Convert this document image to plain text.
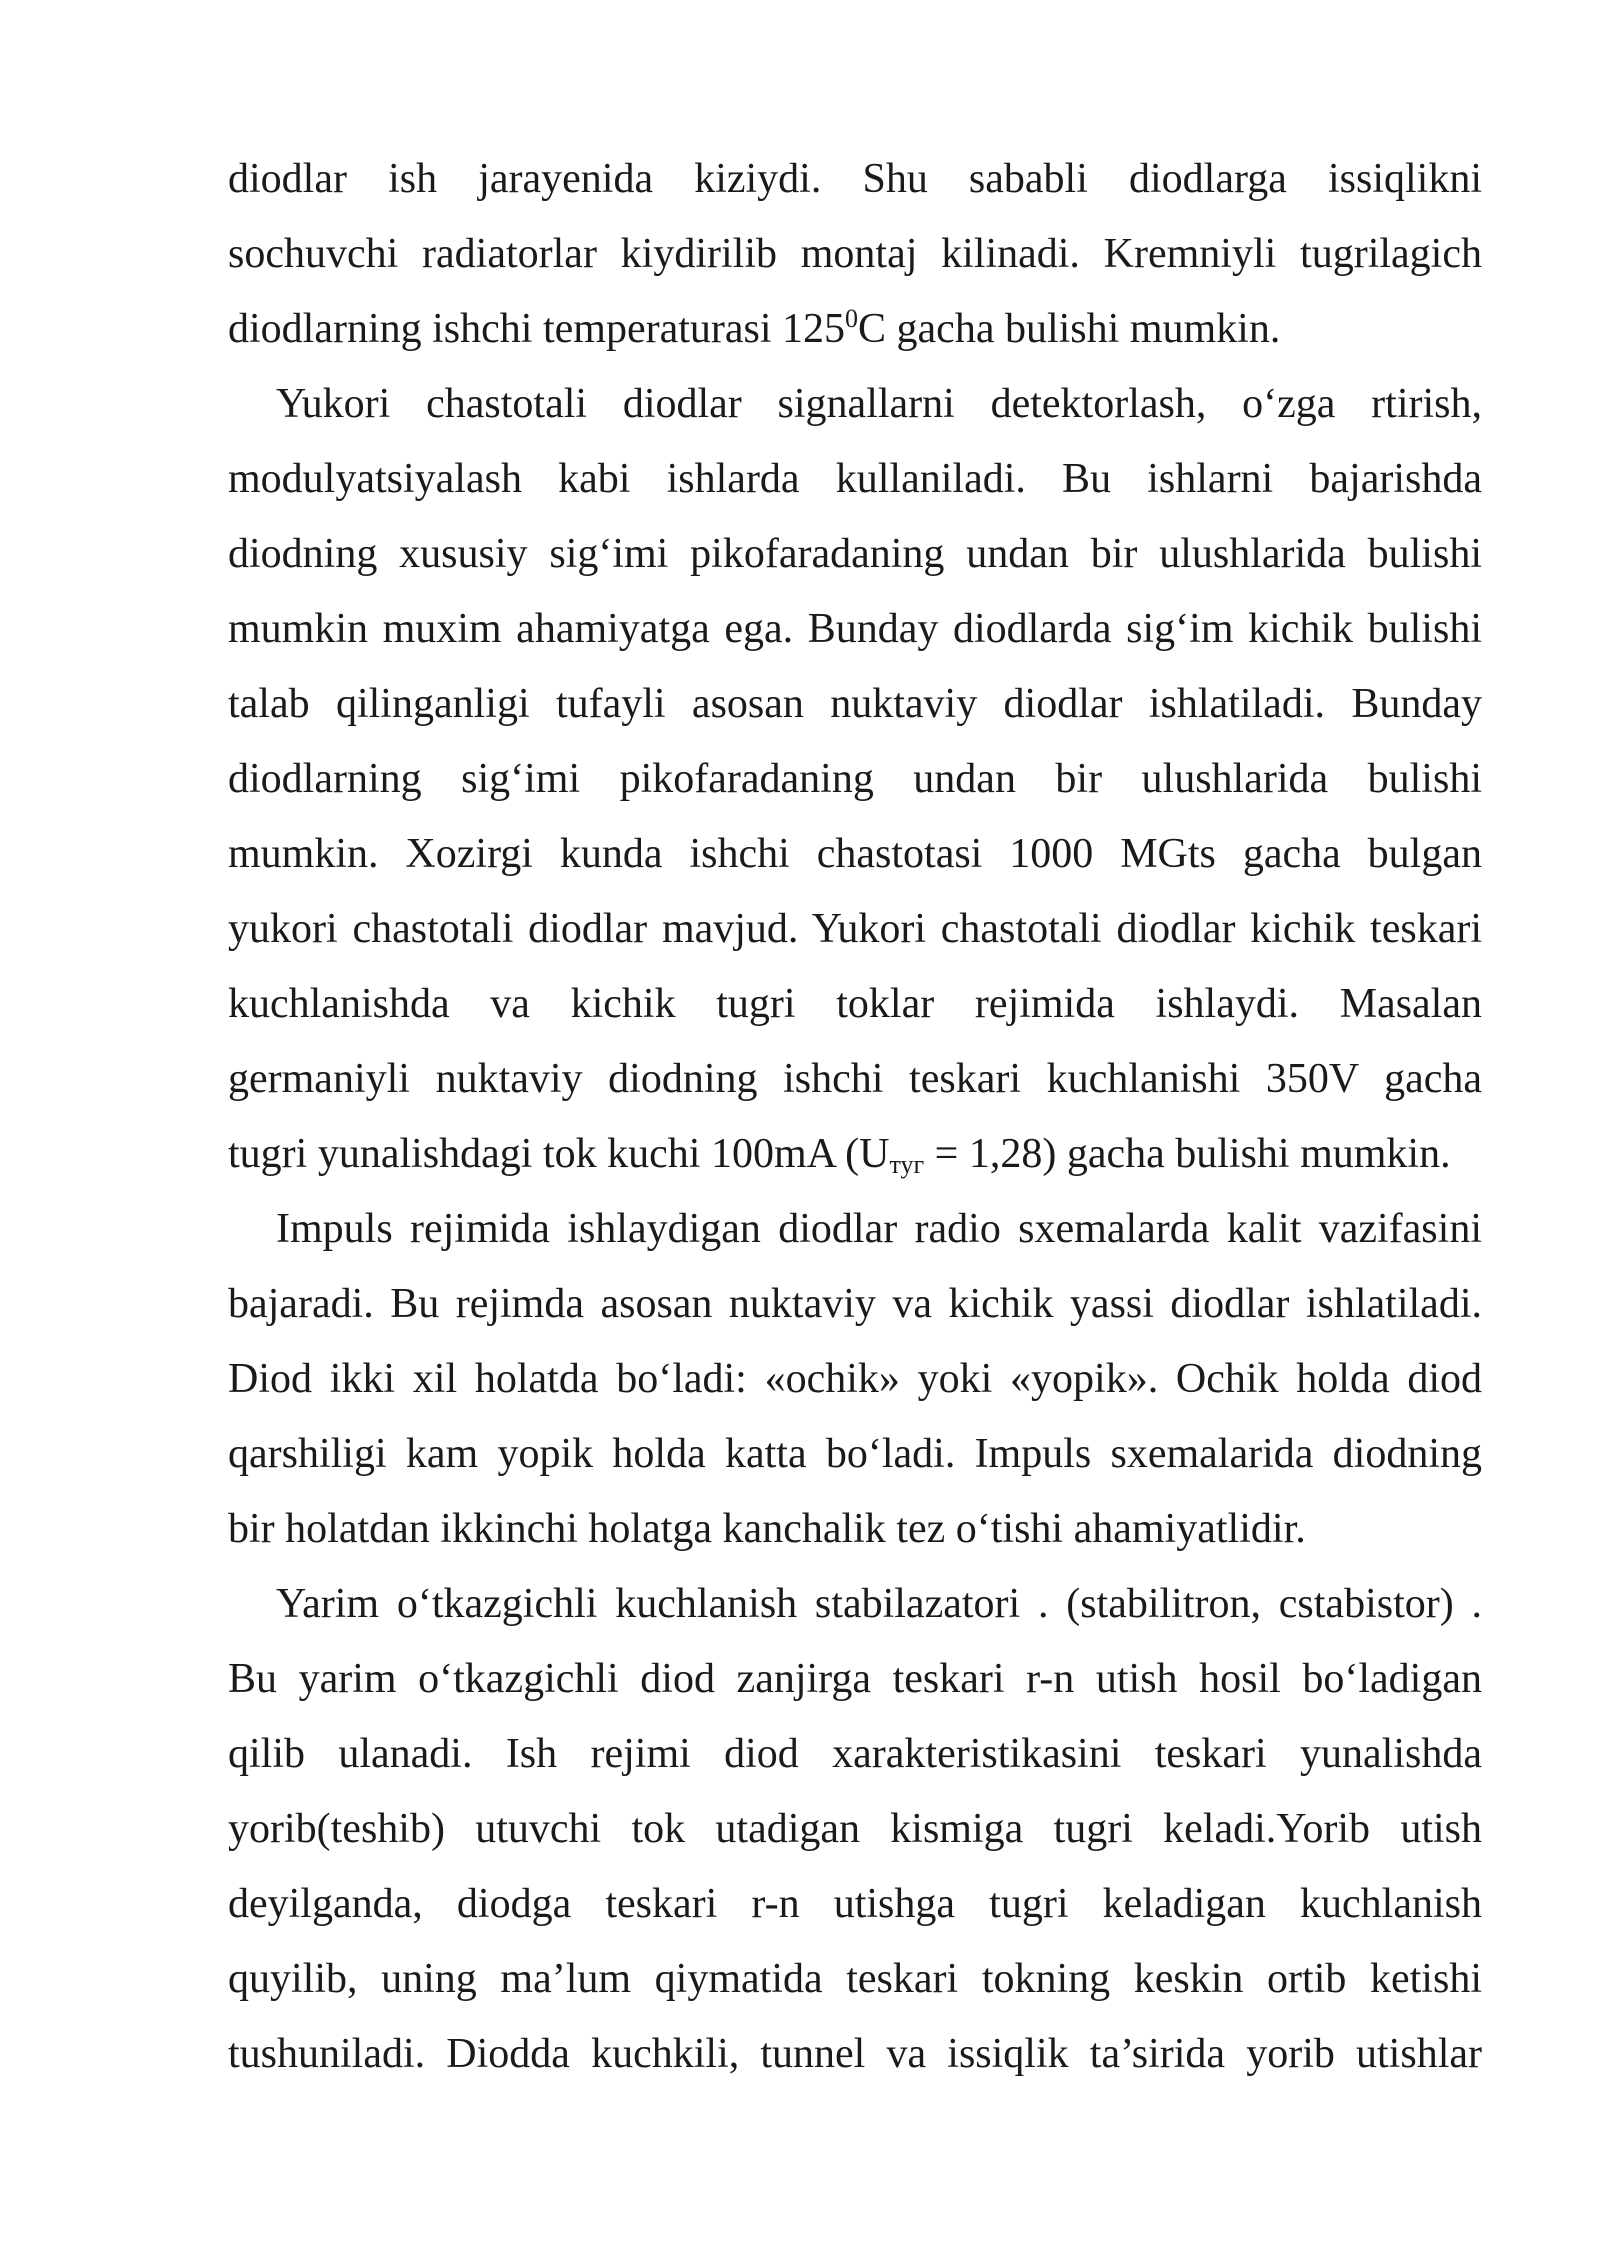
diodlar ish jarayenida kiziydi. Shu sababli diodlarga issiqlikni
sochuvchi radiatorlar kiydirilib montaj kilinadi. Kremniyli tugrilagich
diodlarning ishchi temperaturasi $125^0C$ gacha bulishi mumkin.
Yukori chastotali diodlar signallarni detektorlash, o‘zga rtirish,
modulyatsiyalash kabi ishlarda kullaniladi. Bu ishlarni bajarishda
diodning xususiy sig‘imi pikofaradaning undan bir ulushlarida bulishi
mumkin muxim ahamiyatga ega. Bunday diodlarda sig‘im kichik bulishi
talab qilinganligi tufayli asosan nuktaviy diodlar ishlatiladi. Bunday
diodlarning sig‘imi pikofaradaning undan bir ulushlarida bulishi
mumkin. Xozirgi kunda ishchi chastotasi 1000 MGts gacha bulgan
yukori chastotali diodlar mavjud. Yukori chastotali diodlar kichik teskari
kuchlanishda va kichik tugri toklar rejimida ishlaydi. Masalan
germaniyli nuktaviy diodning ishchi teskari kuchlanishi 350V gacha
tugri yunalishdagi tok kuchi 100mA $(U_{туг} = 1,28)$ gacha bulishi mumkin.
Impuls rejimida ishlaydigan diodlar radio sxemalarda kalit vazifasini
bajaradi. Bu rejimda asosan nuktaviy va kichik yassi diodlar ishlatiladi.
Diod ikki xil holatda bo‘ladi: «ochik» yoki «yopik». Ochik holda diod
qarshiligi kam yopik holda katta bo‘ladi. Impuls sxemalarida diodning
bir holatdan ikkinchi holatga kanchalik tez o‘tishi ahamiyatlidir.
Yarim o‘tkazgichli kuchlanish stabilazatori . (stabilitron, cstabistor) .
Bu yarim o‘tkazgichli diod zanjirga teskari r-n utish hosil bo‘ladigan
qilib ulanadi. Ish rejimi diod xarakteristikasini teskari yunalishda
yorib(teshib) utuvchi tok utadigan kismiga tugri keladi.Yorib utish
deyilganda, diodga teskari r-n utishga tugri keladigan kuchlanish
quyilib, uning ma’lum qiymatida teskari tokning keskin ortib ketishi
tushuniladi. Diodda kuchkili, tunnel va issiqlik ta’sirida yorib utishlar
